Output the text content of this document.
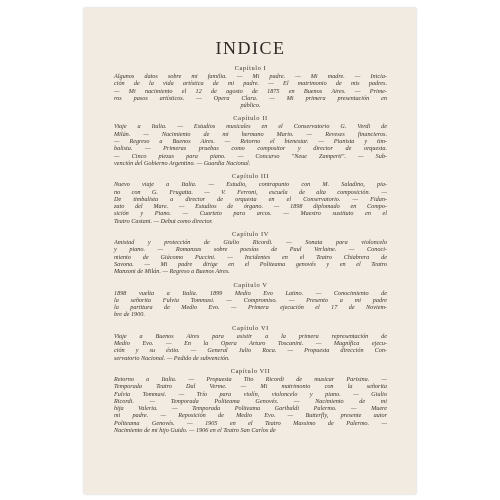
INDICE
Capítulo I

Algunos datos sobre mi familia. — Mi padre. — Mi madre. — Inicia-
ción de la vida artística de mi padre. — El matrimonio de mis padres.
— Mi nacimiento el 12 de agosto de 1875 en Buenos Aires. — Prime-
ros pasos artísticos. — Opera Clara. — Mi primera presentación en
público.

Capítulo II

Viaje a Italia. — Estudios musicales en el Conservatorio G. Verdi de
Milán. — Nacimiento de mi hermano Mario. — Reveses financieros.
— Regreso a Buenos Aires. — Retorno el bienestar. — Pianista y tim-
balista. — Primeras pruebas como compositor y director de orquesta.
— Cinco piezas para piano. — Concurso "Neue Zamperti". — Sub-
vención del Gobierno Argentino. — Guardia Nacional.

Capítulo III

Nuevo viaje a Italia. — Estudio, contrapunto con M. Saladino, pia-
no con G. Frugatta. — V. Ferroni, escuela de alta composición. —
De timbalista a director de orquesta en el Conservatorio. — Fidan-
zato del Mare. — Estudios de órgano. — 1898 diplomado en Compo-
sición y Piano. — Cuarteto para arcos. — Maestro sustituto en el
Teatro Castani. — Debut como director.

Capítulo IV

Amistad y protección de Giulio Ricordi. — Sonata para violoncelo
y piano. — Romanzas sobre poesías de Paul Verlaine. — Conoci-
miento de Giácomo Puccini. — Incidentes en el Teatro Chiabrera de
Savona. — Mi padre dirige en el Politeama genovés y en el Teatro
Manzoni de Milán. — Regreso a Buenos Aires.

Capítulo V

1898 vuelta a Italia. 1899 Medio Evo Latino. — Conocimiento de
la señorita Fulvia Tommasi. — Compromiso. — Presento a mi padre
la partitura de Medio Evo. — Primera ejecución el 17 de Noviem-
bre de 1900.

Capítulo VI

Viaje a Buenos Aires para asistir a la primera representación de
Medio Evo. — En la Opera Arturo Toscanini. — Magnífica ejecu-
ción y su éxito. — General Julio Roca. — Propuesta dirección Con-
servatorio Nacional. — Pedido de subvención.

Capítulo VII

Retorno a Italia. — Propuesta Tito Ricordi de musicar Parisina. —
Temporada Teatro Dal Verme. — Mi matrimonio con la señorita
Fulvia Tommasi. — Trío para violín, violoncelo y piano. — Giulio
Ricordi. — Temporada Politeama Genovés. — Nacimiento de mi
hija Valeria. — Temporada Politeama Garibaldi Palermo. — Muere
mi padre. — Reposición de Medio Evo. — Butterfly, presente autor
Politeama Genovés. — 1905 en el Teatro Massimo de Palermo. —
Nacimiento de mi hijo Guido. — 1906 en el Teatro San Carlos de
